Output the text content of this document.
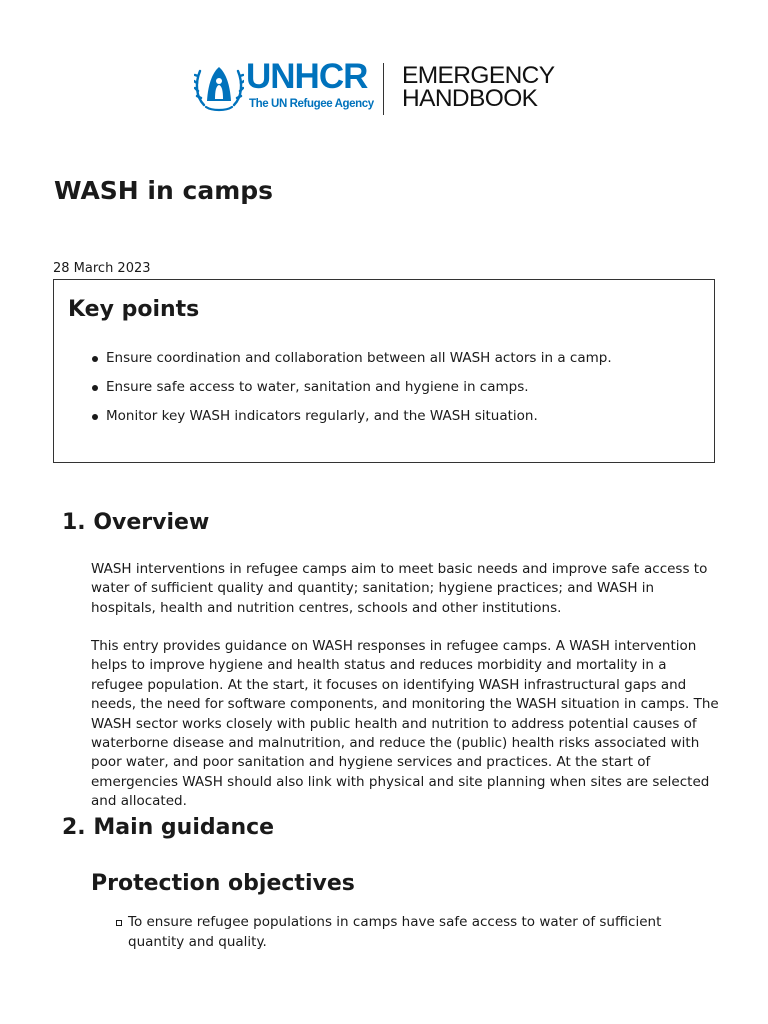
UNHCR
The UN Refugee Agency
EMERGENCY
HANDBOOK
WASH in camps
28 March 2023
Key points
Ensure coordination and collaboration between all WASH actors in a camp.
Ensure safe access to water, sanitation and hygiene in camps.
Monitor key WASH indicators regularly, and the WASH situation.
1. Overview

WASH interventions in refugee camps aim to meet basic needs and improve safe access to water of sufficient quality and quantity; sanitation; hygiene practices; and WASH in hospitals, health and nutrition centres, schools and other institutions.

This entry provides guidance on WASH responses in refugee camps. A WASH intervention helps to improve hygiene and health status and reduces morbidity and mortality in a refugee population. At the start, it focuses on identifying WASH infrastructural gaps and needs, the need for software components, and monitoring the WASH situation in camps. The WASH sector works closely with public health and nutrition to address potential causes of waterborne disease and malnutrition, and reduce the (public) health risks associated with poor water, and poor sanitation and hygiene services and practices. At the start of emergencies WASH should also link with physical and site planning when sites are selected and allocated.

2. Main guidance
Protection objectives
To ensure refugee populations in camps have safe access to water of sufficient quantity and quality.
